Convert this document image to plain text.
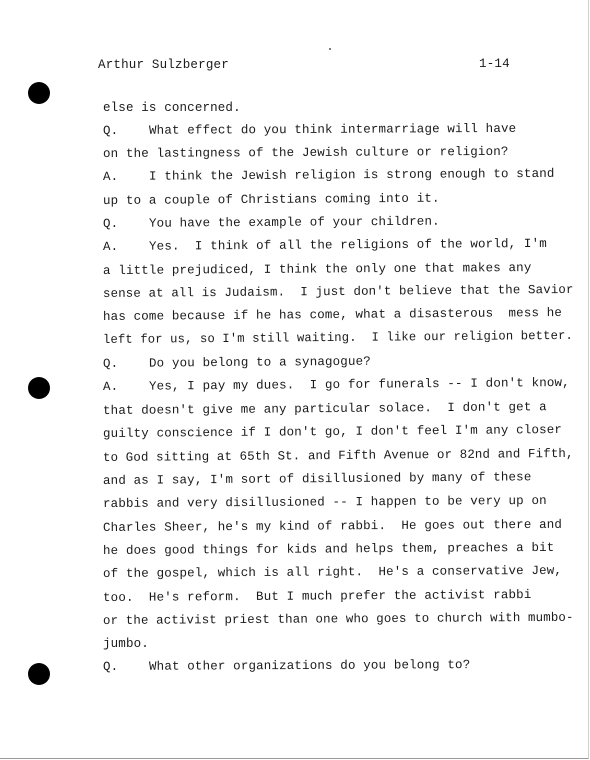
Arthur Sulzberger	1-14
else is concerned.
Q. What effect do you think intermarriage will have
on the lastingness of the Jewish culture or religion?
A. I think the Jewish religion is strong enough to stand
up to a couple of Christians coming into it.
Q. You have the example of your children.
A. Yes.  I think of all the religions of the world, I'm
a little prejudiced, I think the only one that makes any
sense at all is Judaism.  I just don't believe that the Savior
has come because if he has come, what a disasterous  mess he
left for us, so I'm still waiting.  I like our religion better.
Q. Do you belong to a synagogue?
A. Yes, I pay my dues.  I go for funerals -- I don't know,
that doesn't give me any particular solace.  I don't get a
guilty conscience if I don't go, I don't feel I'm any closer
to God sitting at 65th St. and Fifth Avenue or 82nd and Fifth,
and as I say, I'm sort of disillusioned by many of these
rabbis and very disillusioned -- I happen to be very up on
Charles Sheer, he's my kind of rabbi.  He goes out there and
he does good things for kids and helps them, preaches a bit
of the gospel, which is all right.  He's a conservative Jew,
too.  He's reform.  But I much prefer the activist rabbi
or the activist priest than one who goes to church with mumbo-
jumbo.
Q. What other organizations do you belong to?
